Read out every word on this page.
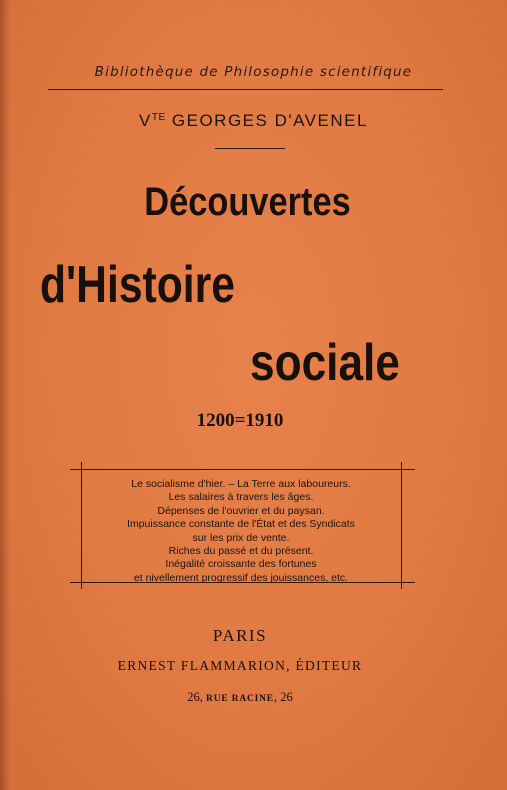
Bibliothèque de Philosophie scientifique
$V^{TE}$ GEORGES D'AVENEL
Découvertes
d'Histoire
sociale
1200=1910
Le socialisme d'hier. – La Terre aux laboureurs.
Les salaires à travers les âges.
Dépenses de l'ouvrier et du paysan.
Impuissance constante de l'État et des Syndicats
sur les prix de vente.
Riches du passé et du présent.
Inégalité croissante des fortunes
et nivellement progressif des jouissances, etc.
PARIS
ERNEST FLAMMARION, ÉDITEUR
26, RUE RACINE, 26
